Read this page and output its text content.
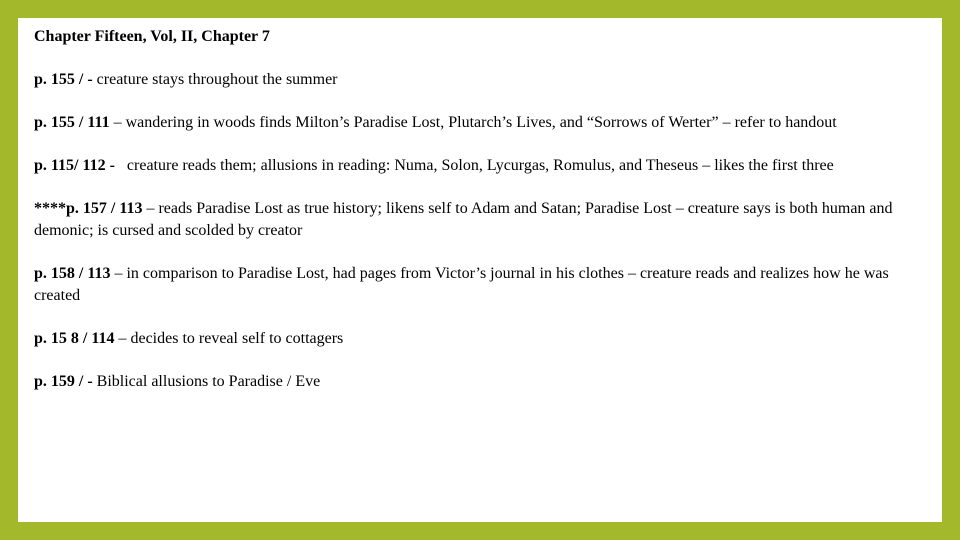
Chapter Fifteen, Vol, II, Chapter 7

p. 155 / - creature stays throughout the summer

p. 155 / 111 – wandering in woods finds Milton’s Paradise Lost, Plutarch’s Lives, and “Sorrows of Werter” – refer to handout

p. 115/ 112 -   creature reads them; allusions in reading: Numa, Solon, Lycurgas, Romulus, and Theseus – likes the first three

****p. 157 / 113 – reads Paradise Lost as true history; likens self to Adam and Satan; Paradise Lost – creature says is both human and demonic; is cursed and scolded by creator

p. 158 / 113 – in comparison to Paradise Lost, had pages from Victor’s journal in his clothes – creature reads and realizes how he was created

p. 15 8 / 114 – decides to reveal self to cottagers

p. 159 / - Biblical allusions to Paradise / Eve
